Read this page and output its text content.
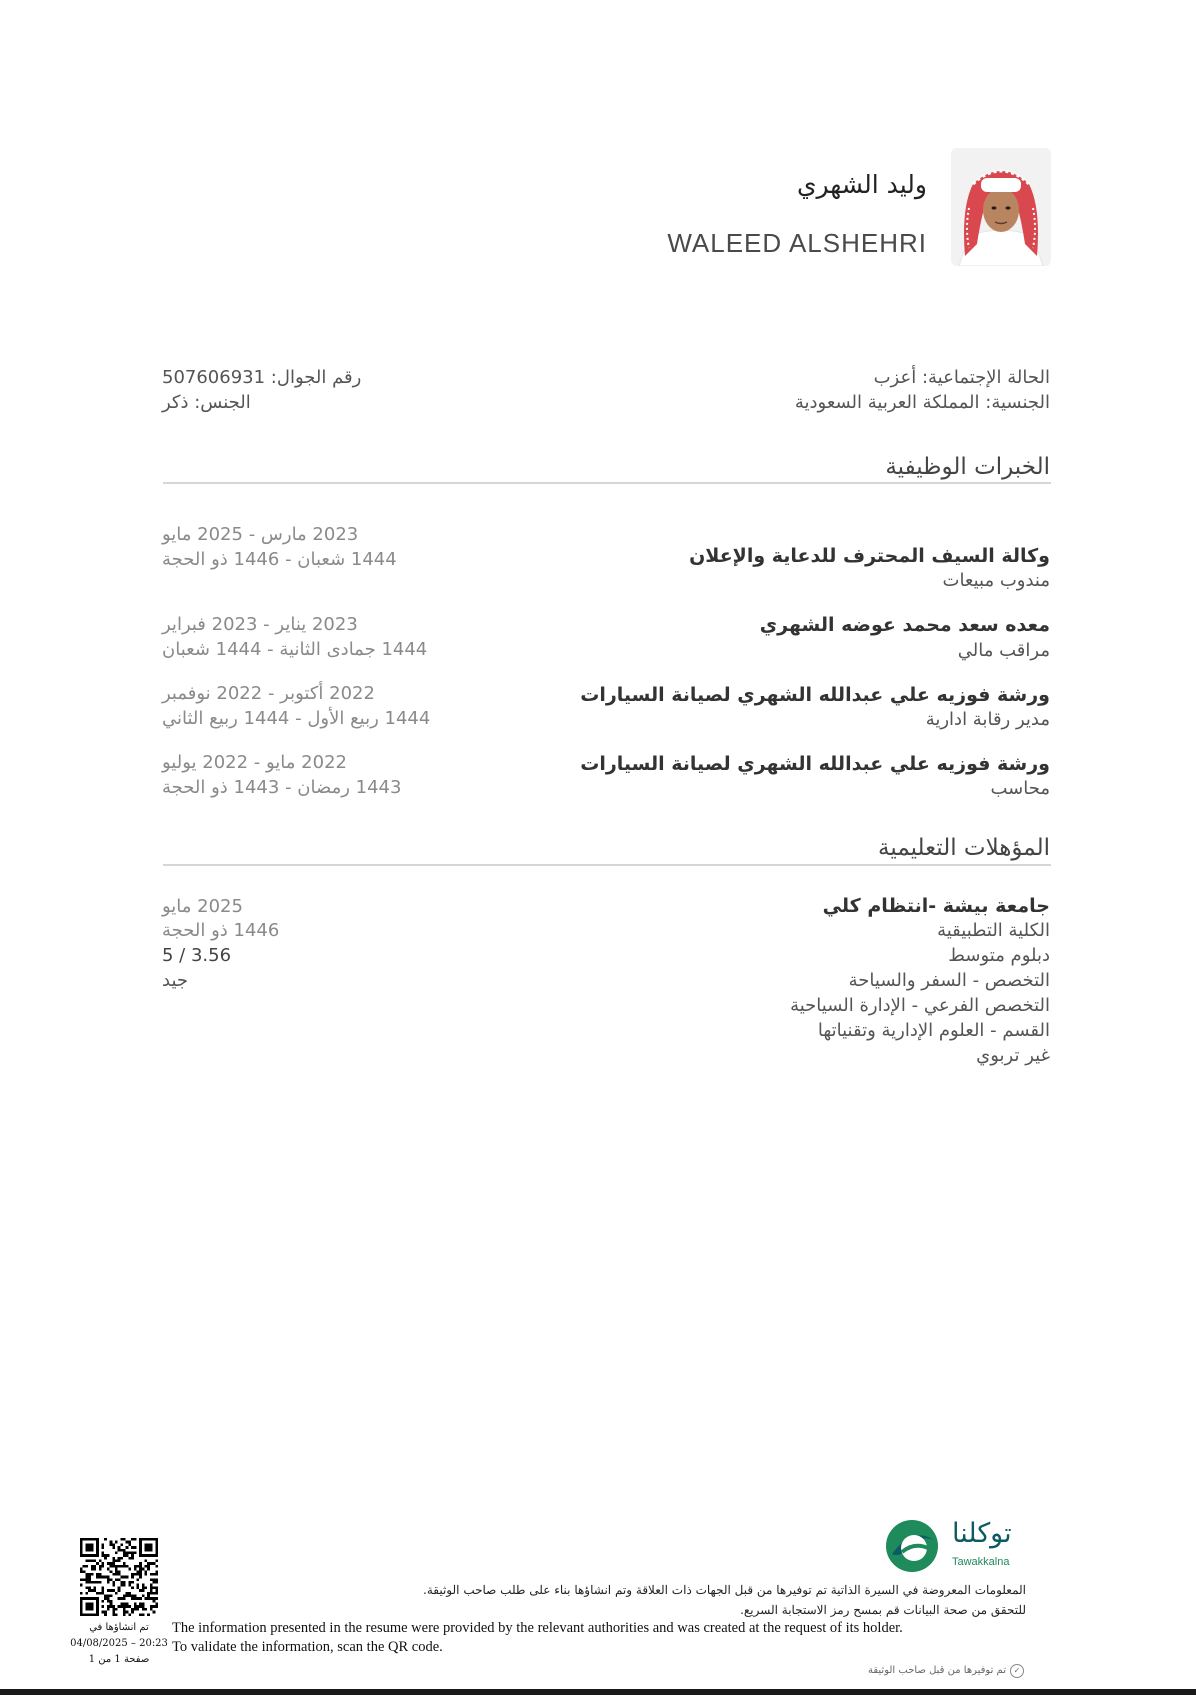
وليد الشهري
WALEED ALSHEHRI
الحالة الإجتماعية: أعزب
الجنسية: المملكة العربية السعودية
رقم الجوال: 507606931
الجنس: ذكر
الخبرات الوظيفية
وكالة السيف المحترف للدعاية والإعلان
مندوب مبيعات
2023 مارس - 2025 مايو
1444 شعبان - 1446 ذو الحجة
معده سعد محمد عوضه الشهري
مراقب مالي
2023 يناير - 2023 فبراير
1444 جمادى الثانية - 1444 شعبان
ورشة فوزيه علي عبدالله الشهري لصيانة السيارات
مدير رقابة ادارية
2022 أكتوبر - 2022 نوفمبر
1444 ربيع الأول - 1444 ربيع الثاني
ورشة فوزيه علي عبدالله الشهري لصيانة السيارات
محاسب
2022 مايو - 2022 يوليو
1443 رمضان - 1443 ذو الحجة
المؤهلات التعليمية
جامعة بيشة -انتظام كلي
الكلية التطبيقية
دبلوم متوسط
التخصص - السفر والسياحة
التخصص الفرعي - الإدارة السياحية
القسم - العلوم الإدارية وتقنياتها
غير تربوي
2025 مايو
1446 ذو الحجة
5 / 3.56
جيد
توكلنا
Tawakkalna
المعلومات المعروضة في السيرة الذاتية تم توفيرها من قبل الجهات ذات العلاقة وتم انشاؤها بناء على طلب صاحب الوثيقة.
للتحقق من صحة البيانات قم بمسح رمز الاستجابة السريع.
The information presented in the resume were provided by the relevant authorities and was created at the request of its holder.
To validate the information, scan the QR code.
تم انشاؤها في
04/08/2025 – 20:23
صفحة 1 من 1
✓تم توفيرها من قبل صاحب الوثيقة
